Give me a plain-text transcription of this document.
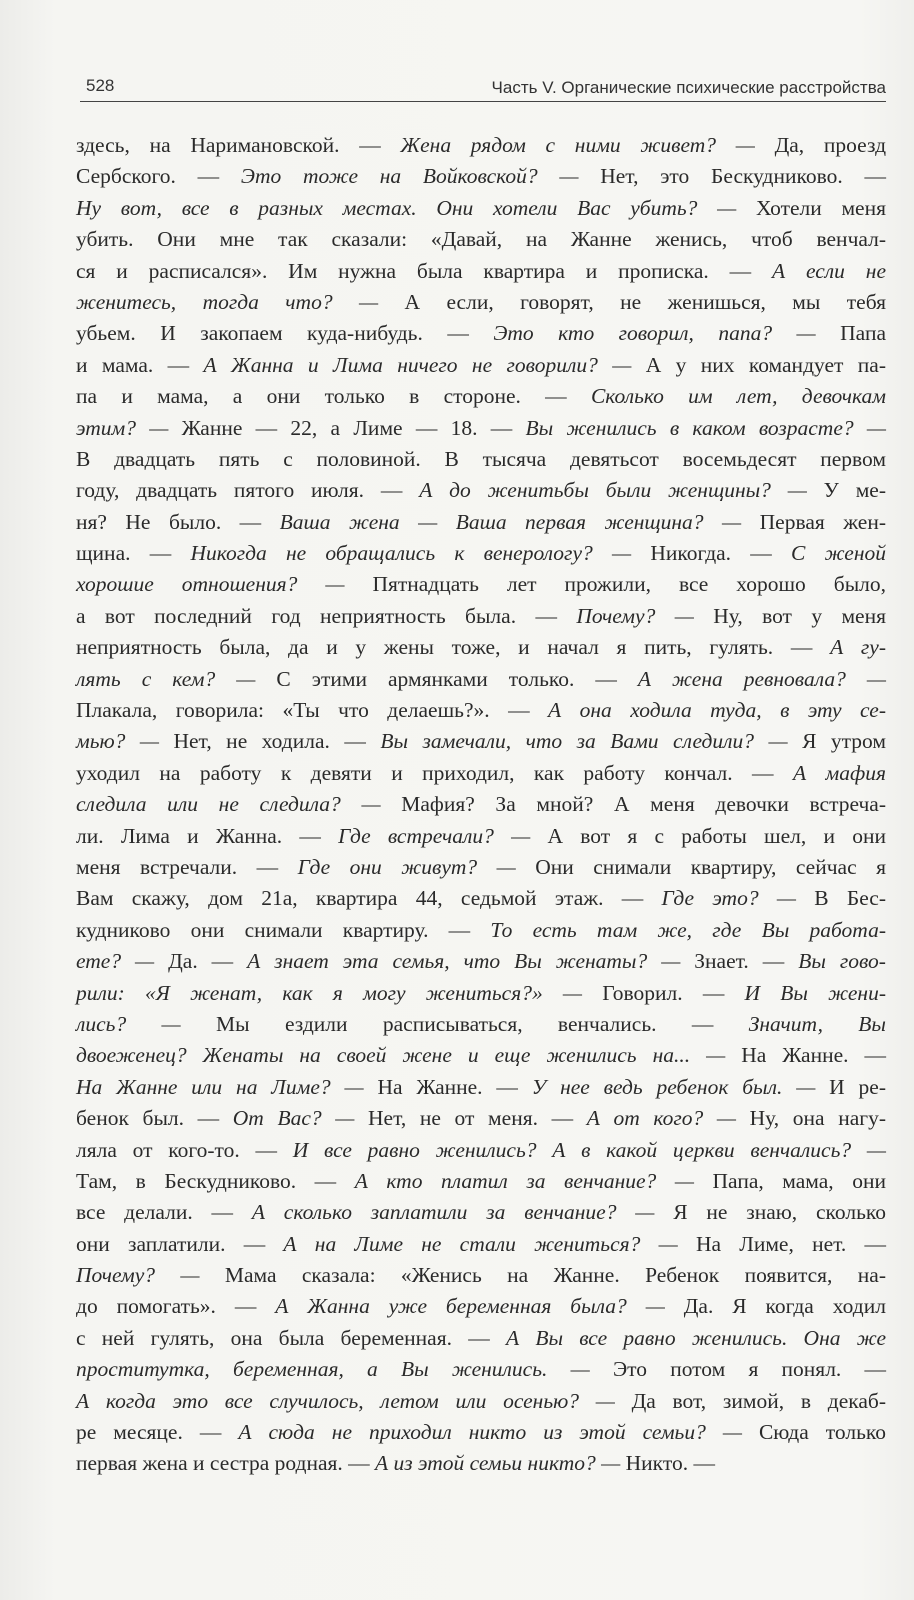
528	Часть V. Органические психические расстройства
здесь, на Наримановской. — Жена рядом с ними живет? — Да, проезд
Сербского. — Это тоже на Войковской? — Нет, это Бескудниково. —
Ну вот, все в разных местах. Они хотели Вас убить? — Хотели меня
убить. Они мне так сказали: «Давай, на Жанне женись, чтоб венчал-
ся и расписался». Им нужна была квартира и прописка. — А если не
женитесь, тогда что? — А если, говорят, не женишься, мы тебя
убьем. И закопаем куда-нибудь. — Это кто говорил, папа? — Папа
и мама. — А Жанна и Лима ничего не говорили? — А у них командует па-
па и мама, а они только в стороне. — Сколько им лет, девочкам
этим? — Жанне — 22, а Лиме — 18. — Вы женились в каком возрасте? —
В двадцать пять с половиной. В тысяча девятьсот восемьдесят первом
году, двадцать пятого июля. — А до женитьбы были женщины? — У ме-
ня? Не было. — Ваша жена — Ваша первая женщина? — Первая жен-
щина. — Никогда не обращались к венерологу? — Никогда. — С женой
хорошие отношения? — Пятнадцать лет прожили, все хорошо было,
а вот последний год неприятность была. — Почему? — Ну, вот у меня
неприятность была, да и у жены тоже, и начал я пить, гулять. — А гу-
лять с кем? — С этими армянками только. — А жена ревновала? —
Плакала, говорила: «Ты что делаешь?». — А она ходила туда, в эту се-
мью? — Нет, не ходила. — Вы замечали, что за Вами следили? — Я утром
уходил на работу к девяти и приходил, как работу кончал. — А мафия
следила или не следила? — Мафия? За мной? А меня девочки встреча-
ли. Лима и Жанна. — Где встречали? — А вот я с работы шел, и они
меня встречали. — Где они живут? — Они снимали квартиру, сейчас я
Вам скажу, дом 21а, квартира 44, седьмой этаж. — Где это? — В Бес-
кудниково они снимали квартиру. — То есть там же, где Вы работа-
ете? — Да. — А знает эта семья, что Вы женаты? — Знает. — Вы гово-
рили: «Я женат, как я могу жениться?» — Говорил. — И Вы жени-
лись? — Мы ездили расписываться, венчались. — Значит, Вы
двоеженец? Женаты на своей жене и еще женились на... — На Жанне. —
На Жанне или на Лиме? — На Жанне. — У нее ведь ребенок был. — И ре-
бенок был. — От Вас? — Нет, не от меня. — А от кого? — Ну, она нагу-
ляла от кого-то. — И все равно женились? А в какой церкви венчались? —
Там, в Бескудниково. — А кто платил за венчание? — Папа, мама, они
все делали. — А сколько заплатили за венчание? — Я не знаю, сколько
они заплатили. — А на Лиме не стали жениться? — На Лиме, нет. —
Почему? — Мама сказала: «Женись на Жанне. Ребенок появится, на-
до помогать». — А Жанна уже беременная была? — Да. Я когда ходил
с ней гулять, она была беременная. — А Вы все равно женились. Она же
проститутка, беременная, а Вы женились. — Это потом я понял. —
А когда это все случилось, летом или осенью? — Да вот, зимой, в декаб-
ре месяце. — А сюда не приходил никто из этой семьи? — Сюда только
первая жена и сестра родная. — А из этой семьи никто? — Никто. —
